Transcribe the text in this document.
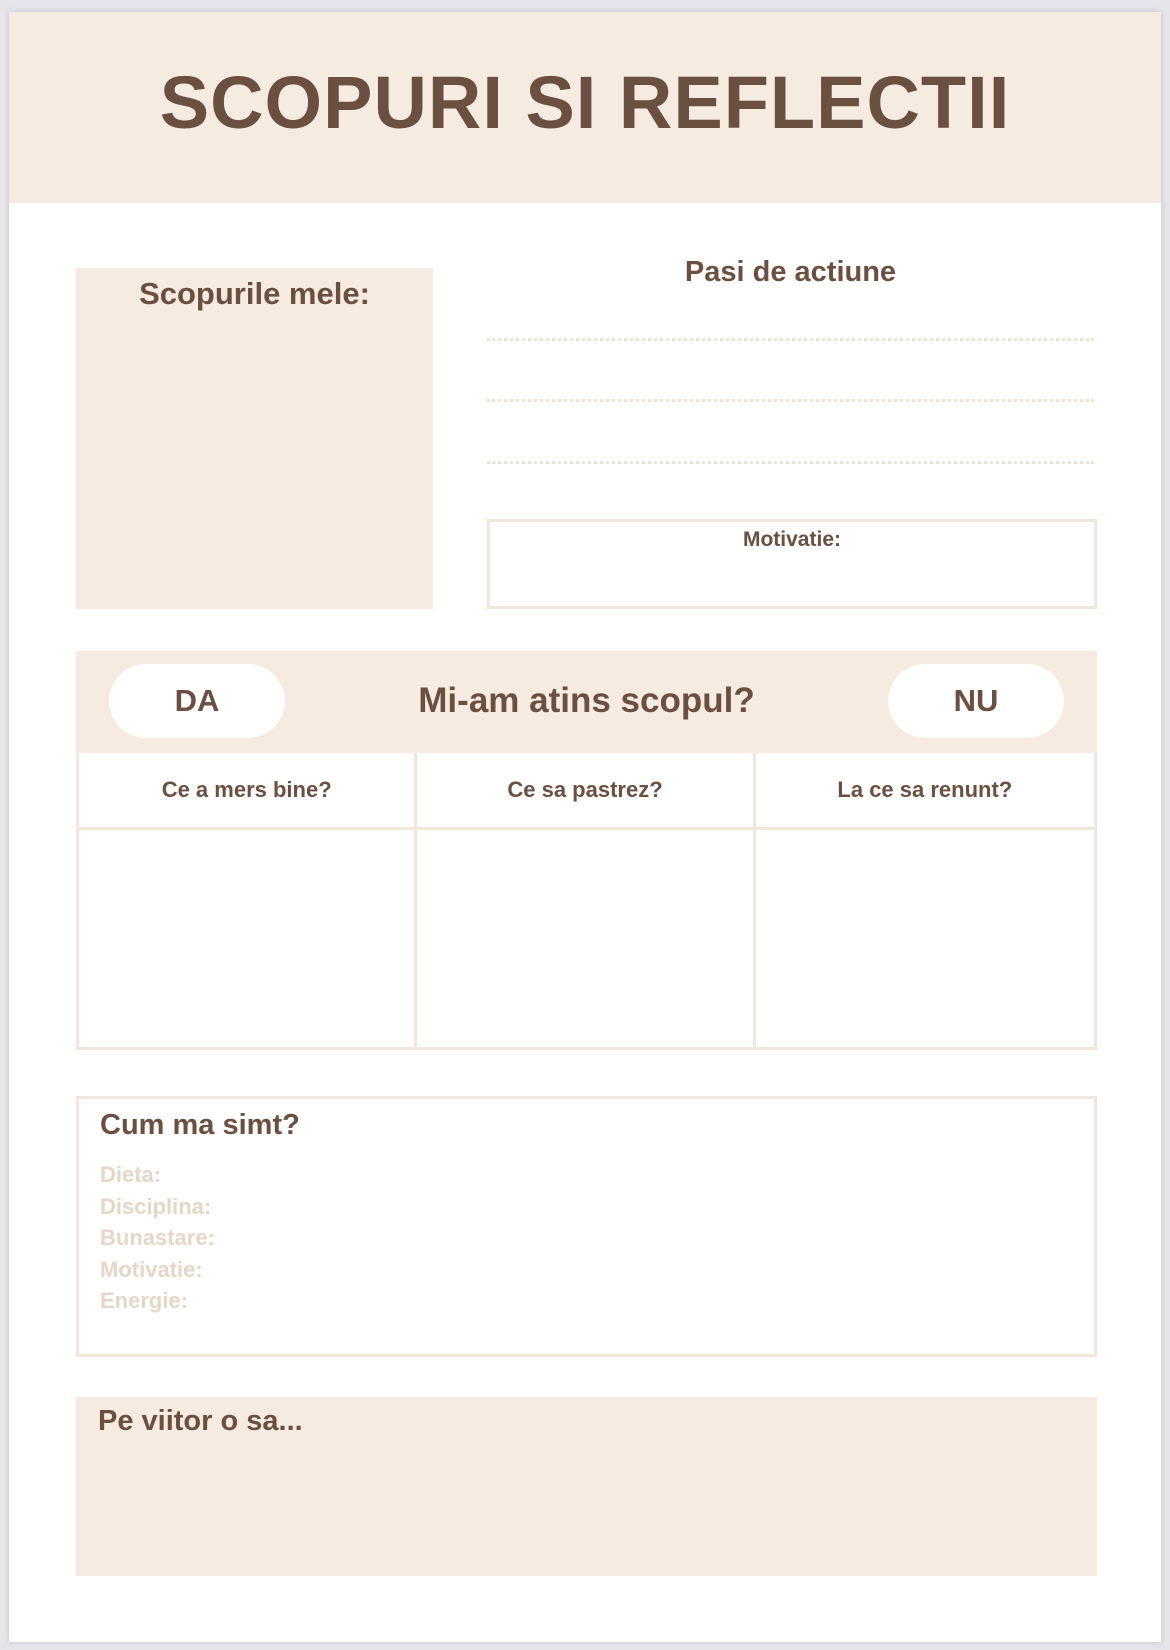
SCOPURI SI REFLECTII
Scopurile mele:
Pasi de actiune
Motivatie:
DA	Mi-am atins scopul?	NU
Ce a mers bine?	Ce sa pastrez?	La ce sa renunt?
Cum ma simt?
Dieta:
Disciplina:
Bunastare:
Motivatie:
Energie:
Pe viitor o sa...
